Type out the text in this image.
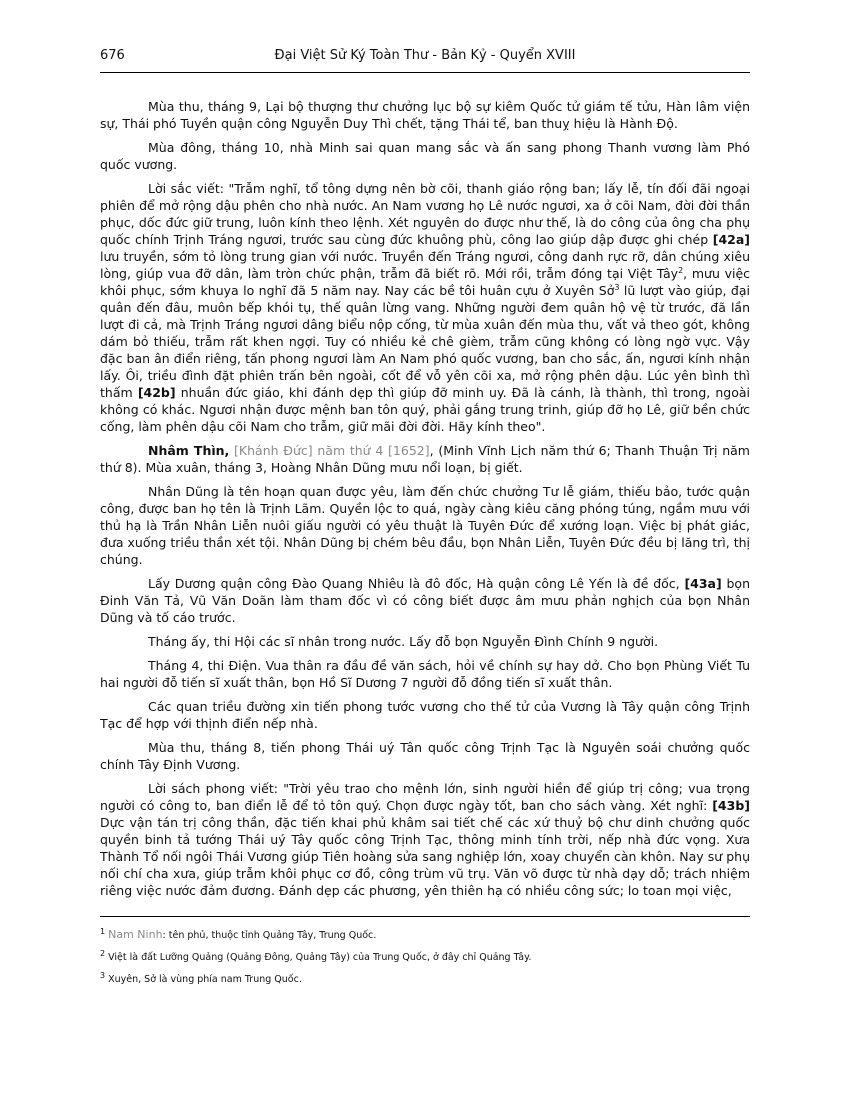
676	Đại Việt Sử Ký Toàn Thư - Bản Kỷ - Quyển XVIII

Mùa thu, tháng 9, Lại bộ thượng thư chưởng lục bộ sự kiêm Quốc tử giám tế tửu, Hàn lâm viện sự, Thái phó Tuyền quận công Nguyễn Duy Thì chết, tặng Thái tể, ban thuỵ hiệu là Hành Độ.

Mùa đông, tháng 10, nhà Minh sai quan mang sắc và ấn sang phong Thanh vương làm Phó quốc vương.

Lời sắc viết: "Trẫm nghĩ, tổ tông dựng nên bờ cõi, thanh giáo rộng ban; lấy lễ, tín đối đãi ngoại phiên để mở rộng dậu phên cho nhà nước. An Nam vương họ Lê nước ngươi, xa ở cõi Nam, đời đời thần phục, dốc đức giữ trung, luôn kính theo lệnh. Xét nguyên do được như thế, là do công của ông cha phụ quốc chính Trịnh Tráng ngươi, trước sau cùng đức khuông phù, công lao giúp dập được ghi chép [42a] lưu truyền, sớm tỏ lòng trung gian với nước. Truyền đến Tráng ngươi, công danh rực rỡ, dân chúng xiêu lòng, giúp vua đỡ dân, làm tròn chức phận, trẫm đã biết rõ. Mới rồi, trẫm đóng tại Việt Tây$^2$, mưu việc khôi phục, sớm khuya lo nghĩ đã 5 năm nay. Nay các bề tôi huân cựu ở Xuyên Sở$^3$ lũ lượt vào giúp, đại quân đến đâu, muôn bếp khói tụ, thế quân lừng vang. Những người đem quân hộ vệ từ trước, đã lần lượt đi cả, mà Trịnh Tráng ngươi dâng biểu nộp cống, từ mùa xuân đến mùa thu, vất vả theo gót, không dám bỏ thiếu, trẫm rất khen ngợi. Tuy có nhiều kẻ chê gièm, trẫm cũng không có lòng ngờ vực. Vậy đặc ban ân điển riêng, tấn phong ngươi làm An Nam phó quốc vương, ban cho sắc, ấn, ngươi kính nhận lấy. Ôi, triều đình đặt phiên trấn bên ngoài, cốt để vỗ yên cõi xa, mở rộng phên dậu. Lúc yên bình thì thấm [42b] nhuần đức giáo, khi đánh dẹp thì giúp đỡ minh uy. Đã là cánh, là thành, thì trong, ngoài không có khác. Ngươi nhận được mệnh ban tôn quý, phải gắng trung trinh, giúp đỡ họ Lê, giữ bền chức cống, làm phên dậu cõi Nam cho trẫm, giữ mãi đời đời. Hãy kính theo".

Nhâm Thìn, [Khánh Đức] năm thứ 4 [1652], (Minh Vĩnh Lịch năm thứ 6; Thanh Thuận Trị năm thứ 8). Mùa xuân, tháng 3, Hoàng Nhân Dũng mưu nổi loạn, bị giết.

Nhân Dũng là tên hoạn quan được yêu, làm đến chức chưởng Tư lễ giám, thiếu bảo, tước quận công, được ban họ tên là Trịnh Lãm. Quyền lộc to quá, ngày càng kiêu căng phóng túng, ngầm mưu với thủ hạ là Trần Nhân Liễn nuôi giấu người có yêu thuật là Tuyên Đức để xướng loạn. Việc bị phát giác, đưa xuống triều thần xét tội. Nhân Dũng bị chém bêu đầu, bọn Nhân Liễn, Tuyên Đức đều bị lăng trì, thị chúng.

Lấy Dương quận công Đào Quang Nhiêu là đô đốc, Hà quận công Lê Yến là đề đốc, [43a] bọn Đinh Văn Tả, Vũ Văn Doãn làm tham đốc vì có công biết được âm mưu phản nghịch của bọn Nhân Dũng và tố cáo trước.

Tháng ấy, thi Hội các sĩ nhân trong nước. Lấy đỗ bọn Nguyễn Đình Chính 9 người.

Tháng 4, thi Điện. Vua thân ra đầu đề văn sách, hỏi về chính sự hay dở. Cho bọn Phùng Viết Tu hai người đỗ tiến sĩ xuất thân, bọn Hồ Sĩ Dương 7 người đỗ đồng tiến sĩ xuất thân.

Các quan triều đường xin tiến phong tước vương cho thế tử của Vương là Tây quận công Trịnh Tạc để hợp với thịnh điển nếp nhà.

Mùa thu, tháng 8, tiến phong Thái uý Tân quốc công Trịnh Tạc là Nguyên soái chưởng quốc chính Tây Định Vương.

Lời sách phong viết: "Trời yêu trao cho mệnh lớn, sinh người hiền để giúp trị công; vua trọng người có công to, ban điển lễ để tỏ tôn quý. Chọn được ngày tốt, ban cho sách vàng. Xét nghĩ: [43b] Dực vận tán trị công thần, đặc tiến khai phủ khâm sai tiết chế các xứ thuỷ bộ chư dinh chưởng quốc quyền binh tả tướng Thái uý Tây quốc công Trịnh Tạc, thông minh tính trời, nếp nhà đức vọng. Xưa Thành Tổ nối ngôi Thái Vương giúp Tiên hoàng sửa sang nghiệp lớn, xoay chuyển càn khôn. Nay sư phụ nối chí cha xưa, giúp trẫm khôi phục cơ đồ, công trùm vũ trụ. Văn võ được từ nhà dạy dỗ; trách nhiệm riêng việc nước đảm đương. Đánh dẹp các phương, yên thiên hạ có nhiều công sức; lo toan mọi việc,

$^1$ Nam Ninh: tên phủ, thuộc tỉnh Quảng Tây, Trung Quốc.
$^2$ Việt là đất Lưỡng Quảng (Quảng Đông, Quảng Tây) của Trung Quốc, ở đây chỉ Quảng Tây.
$^3$ Xuyên, Sở là vùng phía nam Trung Quốc.
